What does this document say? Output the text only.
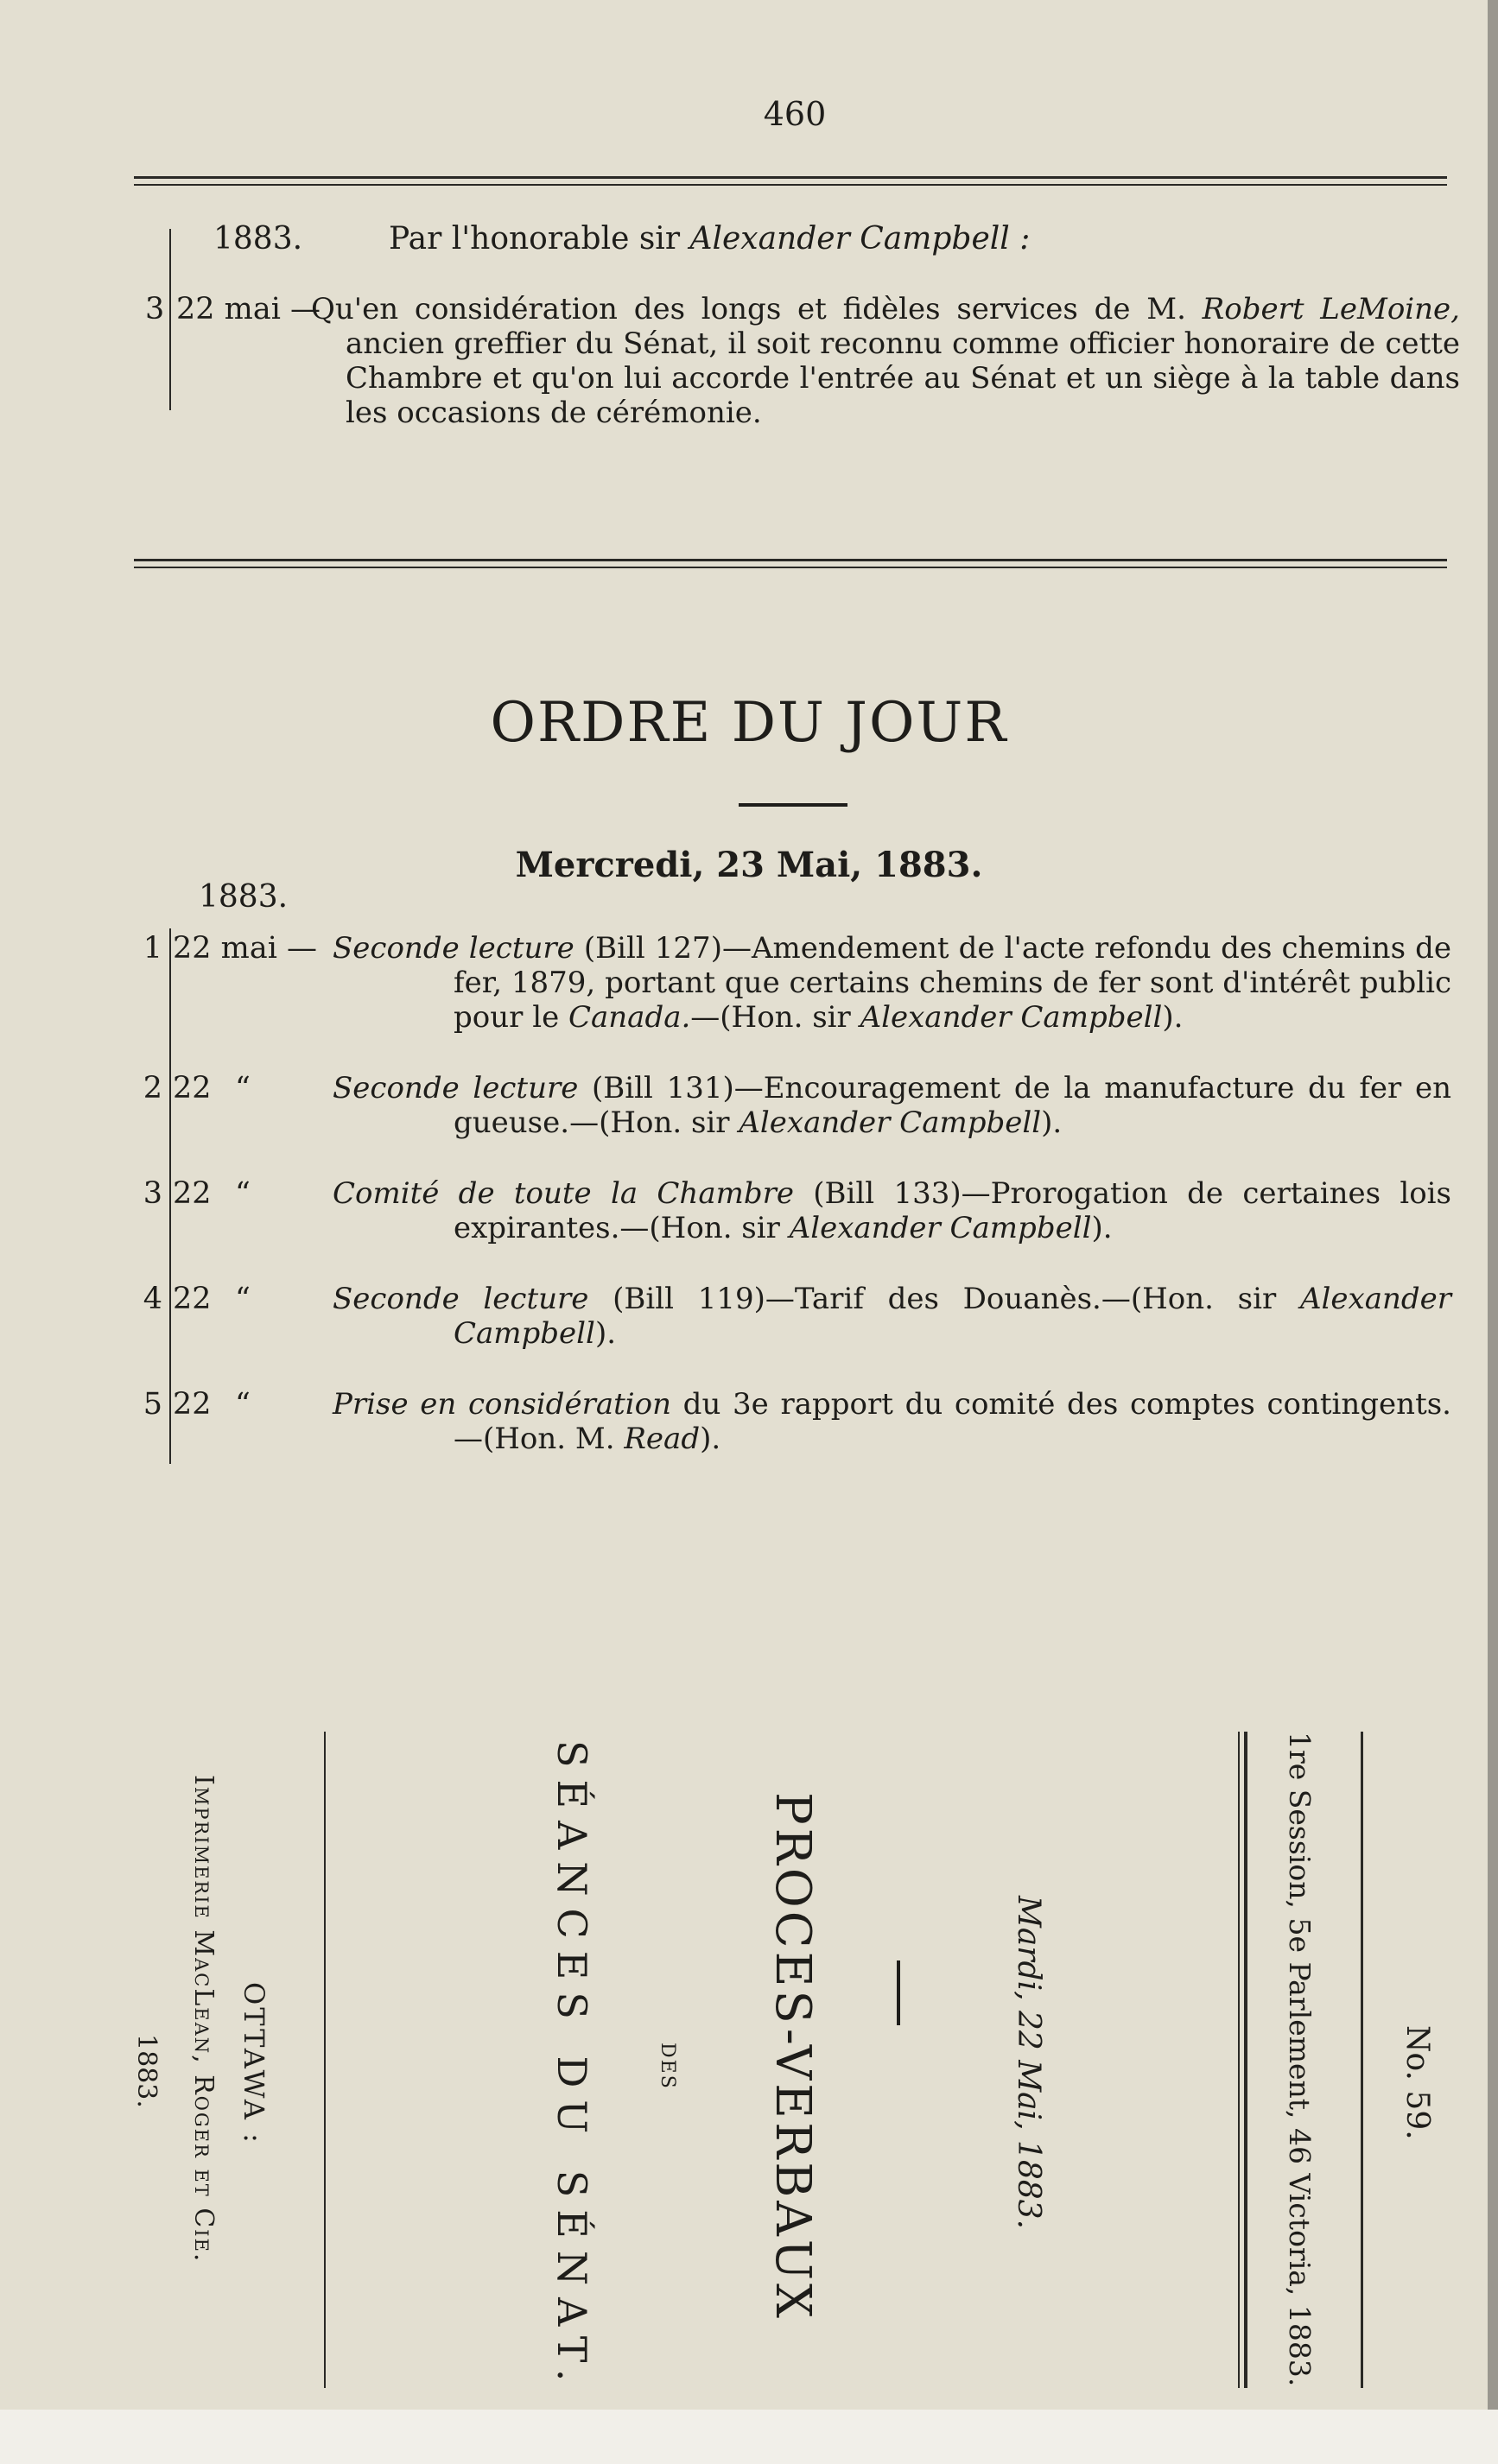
460
1883.	Par l'honorable sir Alexander Campbell :
3 22 mai —
Qu'en considération des longs et fidèles services de M. Robert LeMoine, ancien greffier du Sénat, il soit reconnu comme officier honoraire de cette Chambre et qu'on lui accorde l'entrée au Sénat et un siège à la table dans les occasions de cérémonie.
ORDRE DU JOUR
Mercredi, 23 Mai, 1883.
1883.
1 22 mai — Seconde lecture (Bill 127)—Amendement de l'acte refondu des chemins de fer, 1879, portant que certains chemins de fer sont d'intérêt public pour le Canada.—(Hon. sir Alexander Campbell).
2 22 “	Seconde lecture (Bill 131)—Encouragement de la manufacture du fer en gueuse.—(Hon. sir Alexander Campbell).
3 22 “	Comité de toute la Chambre (Bill 133)—Prorogation de certaines lois expirantes.—(Hon. sir Alexander Campbell).
4 22 “	Seconde lecture (Bill 119)—Tarif des Douanès.—(Hon. sir Alexander Campbell).
5 22 “	Prise en considération du 3e rapport du comité des comptes contingents.—(Hon. M. Read).
No. 59.
1re Session, 5e Parlement, 46 Victoria, 1883.
Mardi, 22 Mai, 1883.
PROCES-VERBAUX
DES
SÉANCES DU SÉNAT.
OTTAWA :
Imprimerie MacLean, Roger et Cie.
1883.
